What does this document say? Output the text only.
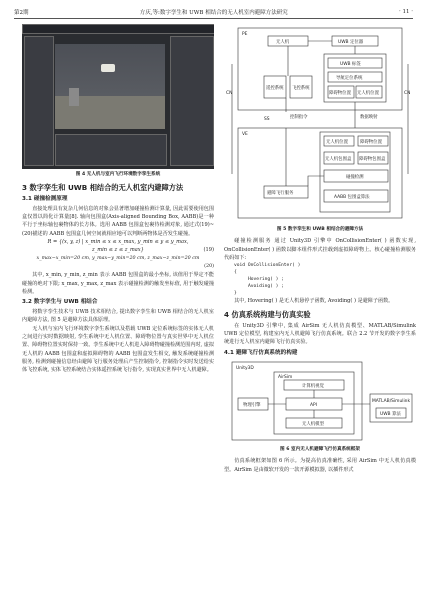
第2期	方庆,等:数字孪生和 UWB 相结合的无人机室内避障方法研究	· 11 ·
图 4 无人机与室内飞行环境数字孪生系统
3 数字孪生和 UWB 相结合的无人机室内避障方法
3.1 碰撞检测原理

直接处理具有复杂几何信息的对象会显著增加碰撞检测计算量, 因此需要使用包围盒仅置以简化计算量[8]. 轴向包围盒(Axis-aligned Bounding Box, AABB)是一种平行于坐标轴包裹物体的长方体。选用 AABB 包围盒包裹待检测对象, 通过式(19)~(20)描述的 AABB 包围盒几何空间就相应地可以判断两物体是否发生碰撞。

R = {(x, y, z) | x_min ≤ x ≤ x_max, y_min ≤ y ≤ y_max,
z_min ≤ z ≤ z_max}	(19)
x_max−x_min=20 cm, y_max−y_min=20 cm, z_max−z_min=20 cm
(20)

其中, x_min, y_min, z_min 表示 AABB 包围盒的最小坐标, 该值用于界定不能碰撞的绝对下限; x_max, y_max, z_max 表示碰撞检测的触发坐标值, 用于触发碰撞检测。

3.2 数字孪生与 UWB 相结合

将数字孪生技术与 UWB 技术相结合, 提出数字孪生和 UWB 相结合的无人机室内避障方法, 图 5 是避障方法具体原理。

无人机与室内飞行环境数字孪生系统以及搭载 UWB 定位系统标签的实体无人机之间进行实时数据映射, 孪生系统中无人机位置、障碍物位置与真实世界中无人机位置、障碍物位置实时保持一致。孪生系统中无人机进入障碍物碰撞检测范围内时, 虚拟无人机的 AABB 包围盒和虚拟障碍物的 AABB 包围盒发生相交, 触发系统碰撞检测服务, 检测到碰撞信息经由避障飞行服务处理后产生控制指令, 控制指令实时发送给实体飞控系统, 实体飞控系统结合实体遥控系统飞行指令, 实现真实世界中无人机避障。

PE
VE
CN	CN
无人机	UWB 定位器
遥控系统 飞控系统
UWB 标签
导航定位系统
障碍物位置 无人机位置
控制指令	数据映射
SS
无人机位置	障碍物位置
无人机包围盒 障碍物包围盒
碰撞检测
避障飞行服务
AABB 包围盒算法
图 5 数字孪生和 UWB 相结合的避障方法

碰撞检测服务 通过 Unity3D 引擎中 OnCollisionEnter( ) 函数实现, OnCollisionEnter( ) 函数以脚本组件形式挂载到虚拟障碍物上。核心碰撞检测服务代码如下:

void OnCollisionEnter( )
{
Hovering( ) ;
Avoiding( ) ;
}

其中, Hovering( ) 是无人机悬停子函数, Avoiding( ) 是避障子函数。

4 仿真系统构建与仿真实验

在 Unity3D 引擎中, 集成 AirSim 无人机仿真模型、MATLAB/Simulink UWB 定位模型, 构建室内无人机避障飞行仿真系统。联合 2.2 节开发的数字孪生系统进行无人机室内避障飞行仿真实验。

4.1 避障飞行仿真系统的构建
Unity3D
AirSim
计算机视觉
物理引擎	API
无人机模型
MATLAB/Simulink
UWB 算法
图 6 室内无人机避障飞行仿真系统框架

仿真系统框架如图 6 所示。为提高仿真准确性, 采用 AirSim 中无人机仿真模型。AirSim 是由微软开发的一款开源模拟器, 以插件形式
